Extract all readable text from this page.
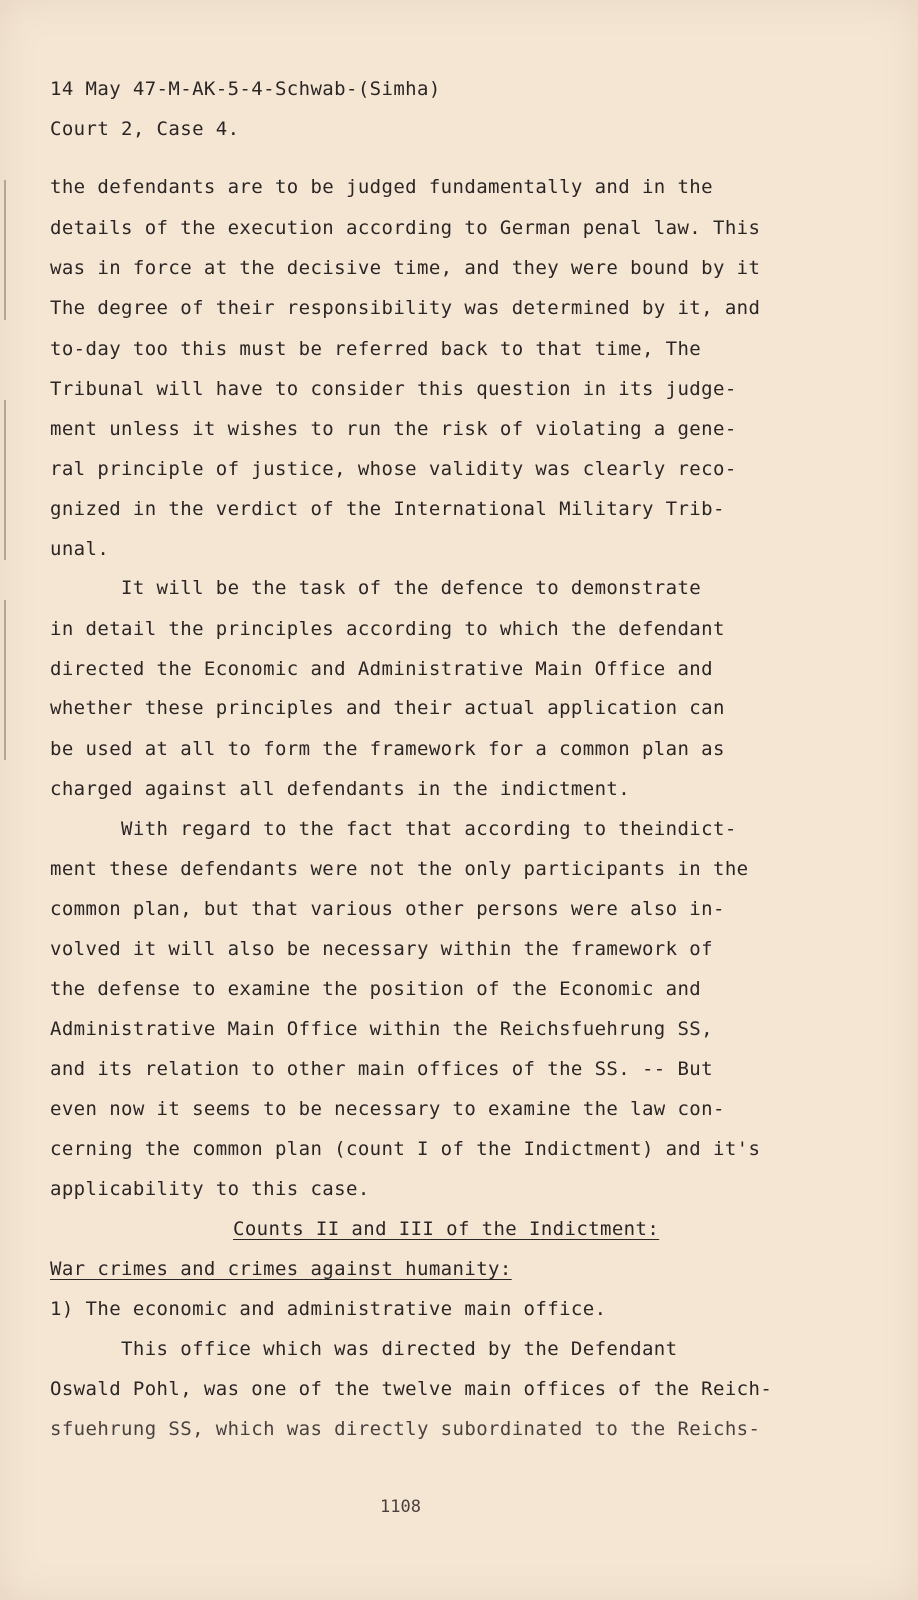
14 May 47-M-AK-5-4-Schwab-(Simha)
Court 2, Case 4.
the defendants are to be judged fundamentally and in the
details of the execution according to German penal law. This
was in force at the decisive time, and they were bound by it
The degree of their responsibility was determined by it, and
to-day too this must be referred back to that time, The
Tribunal will have to consider this question in its judge-
ment unless it wishes to run the risk of violating a gene-
ral principle of justice, whose validity was clearly reco-
gnized in the verdict of the International Military Trib-
unal.
It will be the task of the defence to demonstrate
in detail the principles according to which the defendant
directed the Economic and Administrative Main Office and
whether these principles and their actual application can
be used at all to form the framework for a common plan as
charged against all defendants in the indictment.
With regard to the fact that according to theindict-
ment these defendants were not the only participants in the
common plan, but that various other persons were also in-
volved it will also be necessary within the framework of
the defense to examine the position of the Economic and
Administrative Main Office within the Reichsfuehrung SS,
and its relation to other main offices of the SS. -- But
even now it seems to be necessary to examine the law con-
cerning the common plan (count I of the Indictment) and it's
applicability to this case.
Counts II and III of the Indictment:
War crimes and crimes against humanity:
1) The economic and administrative main office.
This office which was directed by the Defendant
Oswald Pohl, was one of the twelve main offices of the Reich-
sfuehrung SS, which was directly subordinated to the Reichs-
1108
